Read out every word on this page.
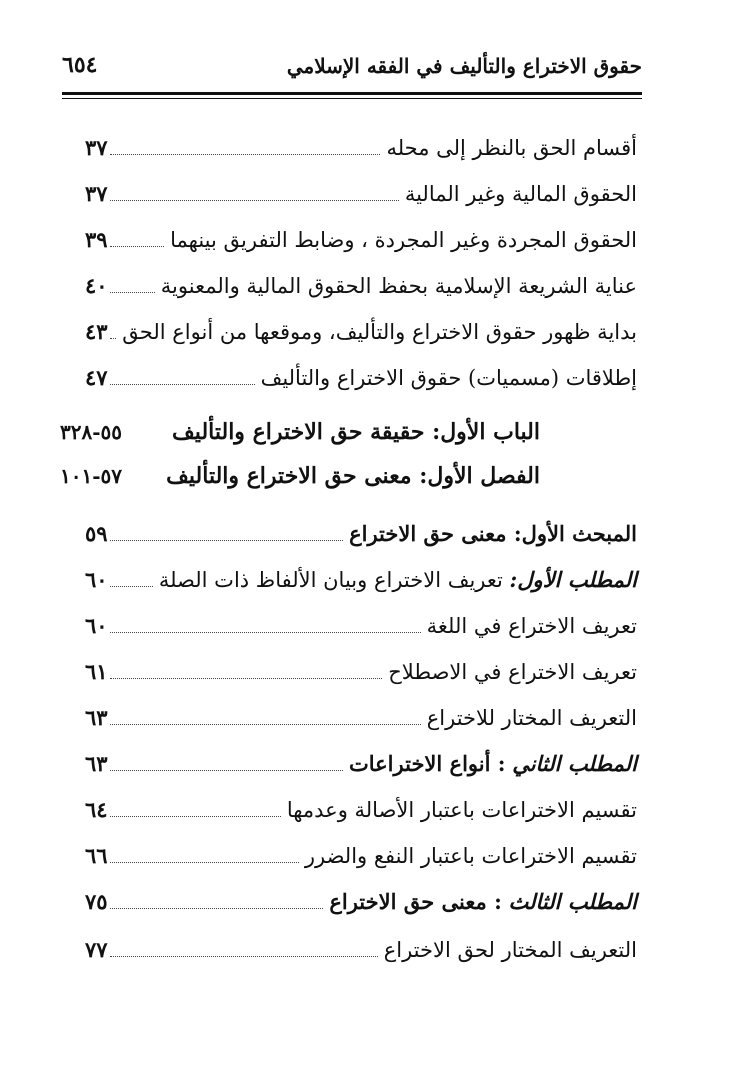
حقوق الاختراع والتأليف في الفقه الإسلامي
٦٥٤
أقسام الحق بالنظر إلى محله
٣٧
الحقوق المالية وغير المالية
٣٧
الحقوق المجردة وغير المجردة ، وضابط التفريق بينهما
٣٩
عناية الشريعة الإسلامية بحفظ الحقوق المالية والمعنوية
٤٠
بداية ظهور حقوق الاختراع والتأليف، وموقعها من أنواع الحق
٤٣
إطلاقات (مسميات) حقوق الاختراع والتأليف
٤٧
الباب الأول: حقيقة حق الاختراع والتأليف
٥٥-٣٢٨
الفصل الأول: معنى حق الاختراع والتأليف
٥٧-١٠١
المبحث الأول: معنى حق الاختراع
٥٩
المطلب الأول: تعريف الاختراع وبيان الألفاظ ذات الصلة
٦٠
تعريف الاختراع في اللغة
٦٠
تعريف الاختراع في الاصطلاح
٦١
التعريف المختار للاختراع
٦٣
المطلب الثاني : أنواع الاختراعات
٦٣
تقسيم الاختراعات باعتبار الأصالة وعدمها
٦٤
تقسيم الاختراعات باعتبار النفع والضرر
٦٦
المطلب الثالث : معنى حق الاختراع
٧٥
التعريف المختار لحق الاختراع
٧٧
